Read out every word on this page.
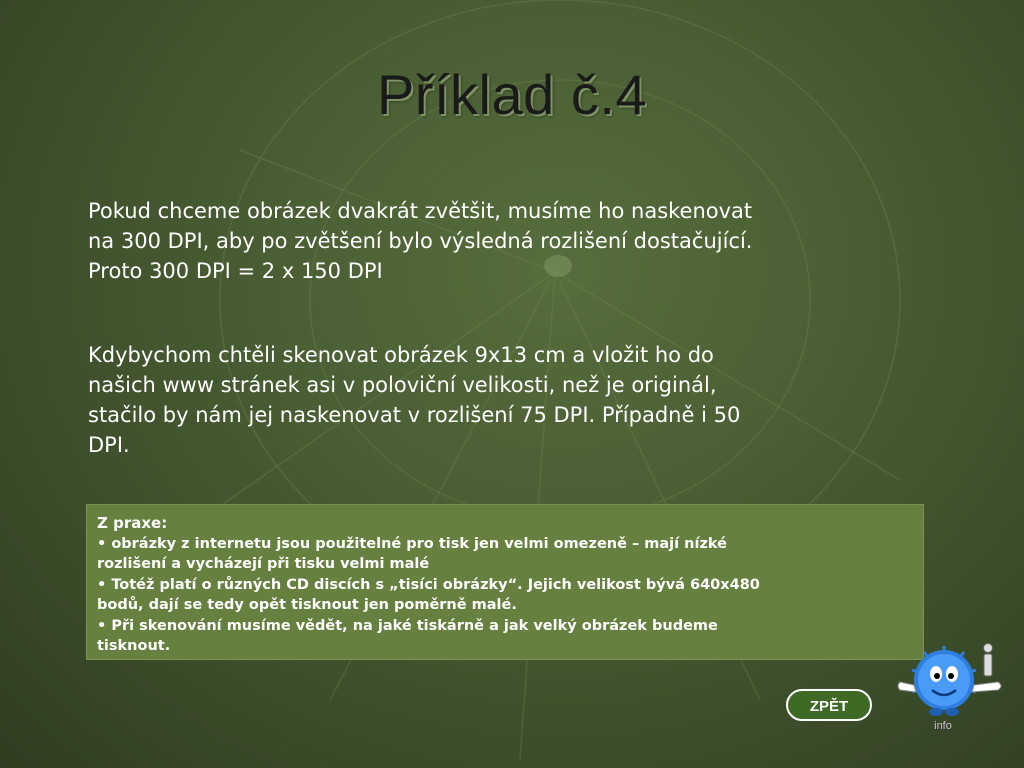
Příklad č.4

Pokud chceme obrázek dvakrát zvětšit, musíme ho naskenovat
na 300 DPI, aby po zvětšení bylo výsledná rozlišení dostačující.
Proto 300 DPI = 2 x 150 DPI

Kdybychom chtěli skenovat obrázek 9x13 cm a vložit ho do
našich www stránek asi v poloviční velikosti, než je originál,
stačilo by nám jej naskenovat v rozlišení 75 DPI. Případně i 50
DPI.

Z praxe:
• obrázky z internetu jsou použitelné pro tisk jen velmi omezeně – mají nízké
rozlišení a vycházejí při tisku velmi malé
• Totéž platí o různých CD discích s „tisíci obrázky“. Jejich velikost bývá 640x480
bodů, dají se tedy opět tisknout jen poměrně malé.
• Při skenování musíme vědět, na jaké tiskárně a jak velký obrázek budeme
tisknout.
ZPĚT
info
